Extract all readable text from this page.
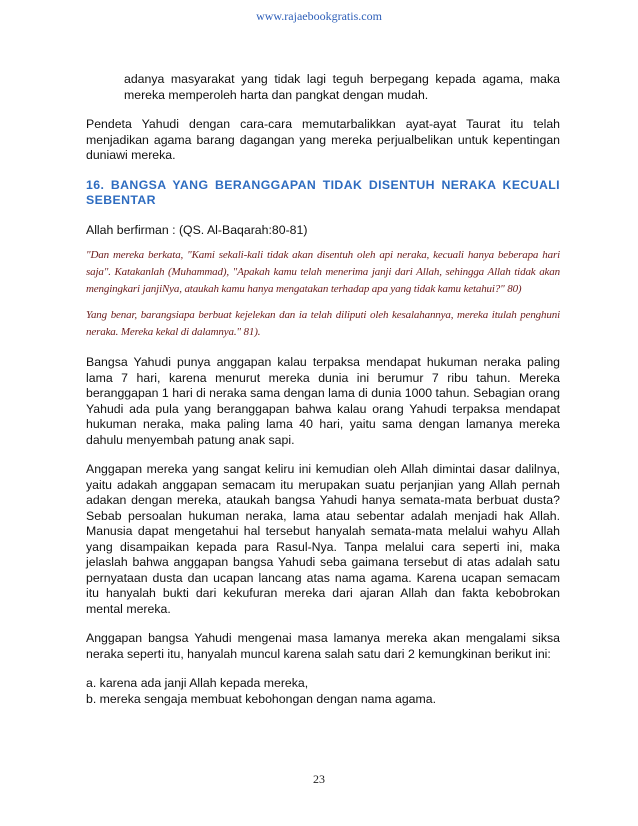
www.rajaebookgratis.com

adanya masyarakat yang tidak lagi teguh berpegang kepada agama, maka mereka memperoleh harta dan pangkat dengan mudah.

Pendeta Yahudi dengan cara-cara memutarbalikkan ayat-ayat Taurat itu telah menjadikan agama barang dagangan yang mereka perjualbelikan untuk kepentingan duniawi mereka.

16. BANGSA YANG BERANGGAPAN TIDAK DISENTUH NERAKA KECUALI SEBENTAR

Allah berfirman : (QS. Al-Baqarah:80-81)

"Dan mereka berkata, "Kami sekali-kali tidak akan disentuh oleh api neraka, kecuali hanya beberapa hari saja". Katakanlah (Muhammad), "Apakah kamu telah menerima janji dari Allah, sehingga Allah tidak akan mengingkari janjiNya, ataukah kamu hanya mengatakan terhadap apa yang tidak kamu ketahui?" 80)

Yang benar, barangsiapa berbuat kejelekan dan ia telah diliputi oleh kesalahannya, mereka itulah penghuni neraka. Mereka kekal di dalamnya." 81).

Bangsa Yahudi punya anggapan kalau terpaksa mendapat hukuman neraka paling lama 7 hari, karena menurut mereka dunia ini berumur 7 ribu tahun. Mereka beranggapan 1 hari di neraka sama dengan lama di dunia 1000 tahun. Sebagian orang Yahudi ada pula yang beranggapan bahwa kalau orang Yahudi terpaksa mendapat hukuman neraka, maka paling lama 40 hari, yaitu sama dengan lamanya mereka dahulu menyembah patung anak sapi.

Anggapan mereka yang sangat keliru ini kemudian oleh Allah dimintai dasar dalilnya, yaitu adakah anggapan semacam itu merupakan suatu perjanjian yang Allah pernah adakan dengan mereka, ataukah bangsa Yahudi hanya semata-mata berbuat dusta? Sebab persoalan hukuman neraka, lama atau sebentar adalah menjadi hak Allah. Manusia dapat mengetahui hal tersebut hanyalah semata-mata melalui wahyu Allah yang disampaikan kepada para Rasul-Nya. Tanpa melalui cara seperti ini, maka jelaslah bahwa anggapan bangsa Yahudi seba gaimana tersebut di atas adalah satu pernyataan dusta dan ucapan lancang atas nama agama. Karena ucapan semacam itu hanyalah bukti dari kekufuran mereka dari ajaran Allah dan fakta kebobrokan mental mereka.

Anggapan bangsa Yahudi mengenai masa lamanya mereka akan mengalami siksa neraka seperti itu, hanyalah muncul karena salah satu dari 2 kemungkinan berikut ini:

a. karena ada janji Allah kepada mereka,

b. mereka sengaja membuat kebohongan dengan nama agama.

23
